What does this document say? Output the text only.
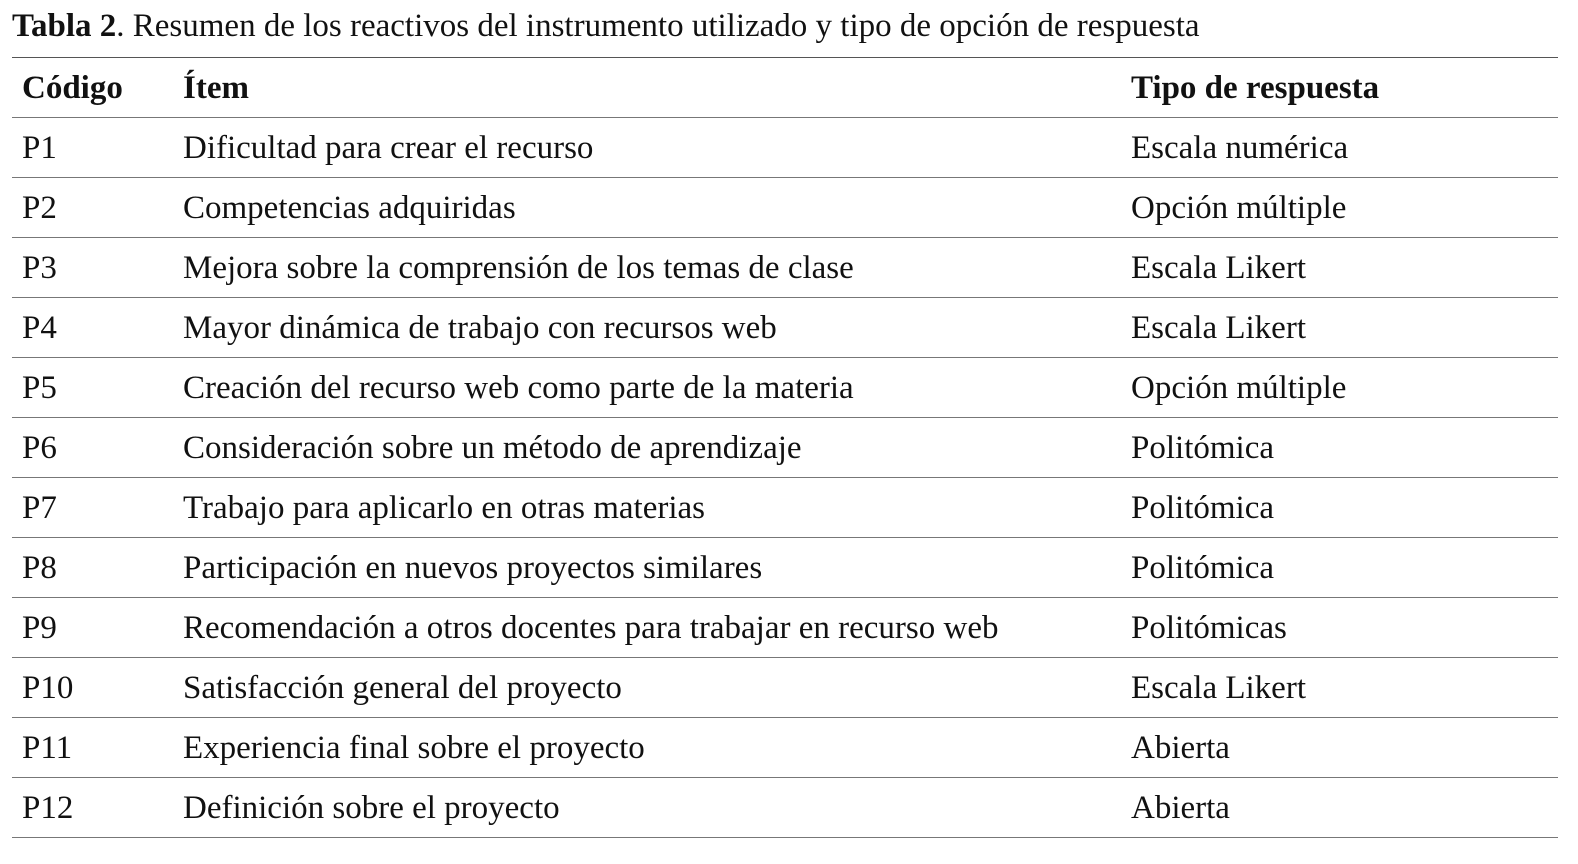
Tabla 2. Resumen de los reactivos del instrumento utilizado y tipo de opción de respuesta
Código	Ítem	Tipo de respuesta
P1	Dificultad para crear el recurso	Escala numérica
P2	Competencias adquiridas	Opción múltiple
P3	Mejora sobre la comprensión de los temas de clase	Escala Likert
P4	Mayor dinámica de trabajo con recursos web	Escala Likert
P5	Creación del recurso web como parte de la materia	Opción múltiple
P6	Consideración sobre un método de aprendizaje	Politómica
P7	Trabajo para aplicarlo en otras materias	Politómica
P8	Participación en nuevos proyectos similares	Politómica
P9	Recomendación a otros docentes para trabajar en recurso web	Politómicas
P10	Satisfacción general del proyecto	Escala Likert
P11	Experiencia final sobre el proyecto	Abierta
P12	Definición sobre el proyecto	Abierta
